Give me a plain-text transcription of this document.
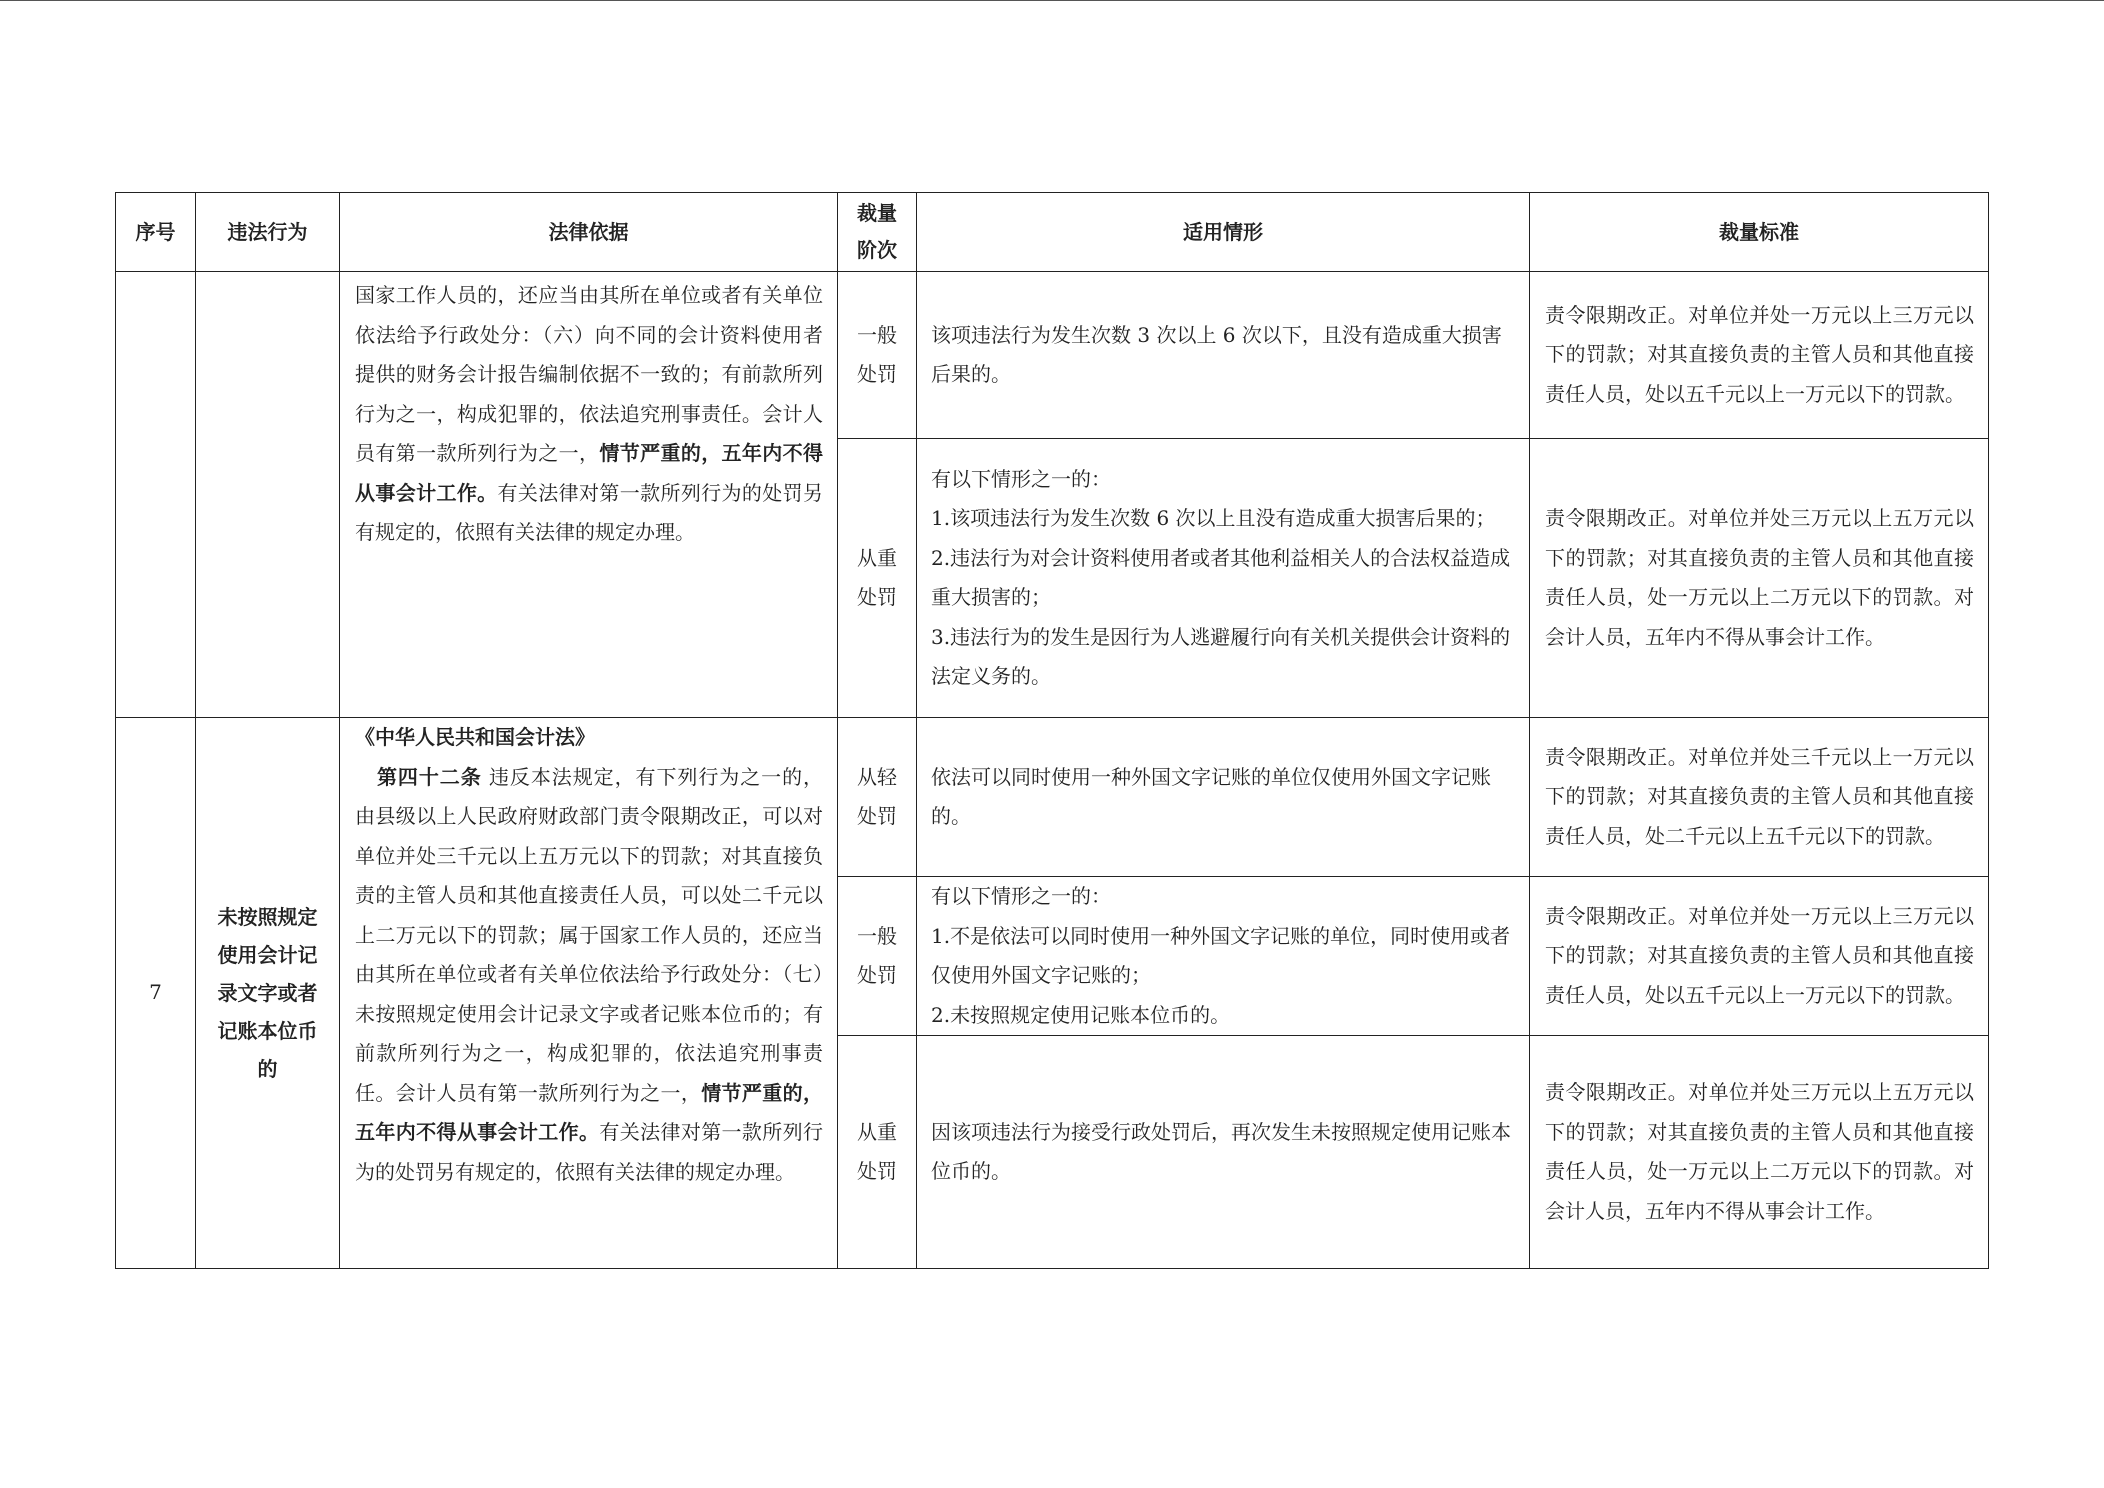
序号	违法行为	法律依据	裁量阶次	适用情形	裁量标准
		国家工作人员的，还应当由其所在单位或者有关单位依法给予行政处分：（六）向不同的会计资料使用者提供的财务会计报告编制依据不一致的；有前款所列行为之一，构成犯罪的，依法追究刑事责任。会计人员有第一款所列行为之一，情节严重的，五年内不得从事会计工作。有关法律对第一款所列行为的处罚另有规定的，依照有关法律的规定办理。	一般处罚	该项违法行为发生次数 3 次以上 6 次以下，且没有造成重大损害后果的。	责令限期改正。对单位并处一万元以上三万元以下的罚款；对其直接负责的主管人员和其他直接责任人员，处以五千元以上一万元以下的罚款。
			从重处罚	有以下情形之一的：
1.该项违法行为发生次数 6 次以上且没有造成重大损害后果的；
2.违法行为对会计资料使用者或者其他利益相关人的合法权益造成重大损害的；
3.违法行为的发生是因行为人逃避履行向有关机关提供会计资料的法定义务的。	责令限期改正。对单位并处三万元以上五万元以下的罚款；对其直接负责的主管人员和其他直接责任人员，处一万元以上二万元以下的罚款。对会计人员，五年内不得从事会计工作。
7	未按照规定使用会计记录文字或者记账本位币的	《中华人民共和国会计法》
第四十二条 违反本法规定，有下列行为之一的，由县级以上人民政府财政部门责令限期改正，可以对单位并处三千元以上五万元以下的罚款；对其直接负责的主管人员和其他直接责任人员，可以处二千元以上二万元以下的罚款；属于国家工作人员的，还应当由其所在单位或者有关单位依法给予行政处分：（七）未按照规定使用会计记录文字或者记账本位币的；有前款所列行为之一，构成犯罪的，依法追究刑事责任。会计人员有第一款所列行为之一，情节严重的，五年内不得从事会计工作。有关法律对第一款所列行为的处罚另有规定的，依照有关法律的规定办理。	从轻处罚	依法可以同时使用一种外国文字记账的单位仅使用外国文字记账的。	责令限期改正。对单位并处三千元以上一万元以下的罚款；对其直接负责的主管人员和其他直接责任人员，处二千元以上五千元以下的罚款。
			一般处罚	有以下情形之一的：
1.不是依法可以同时使用一种外国文字记账的单位，同时使用或者仅使用外国文字记账的；
2.未按照规定使用记账本位币的。	责令限期改正。对单位并处一万元以上三万元以下的罚款；对其直接负责的主管人员和其他直接责任人员，处以五千元以上一万元以下的罚款。
			从重处罚	因该项违法行为接受行政处罚后，再次发生未按照规定使用记账本位币的。	责令限期改正。对单位并处三万元以上五万元以下的罚款；对其直接负责的主管人员和其他直接责任人员，处一万元以上二万元以下的罚款。对会计人员，五年内不得从事会计工作。
